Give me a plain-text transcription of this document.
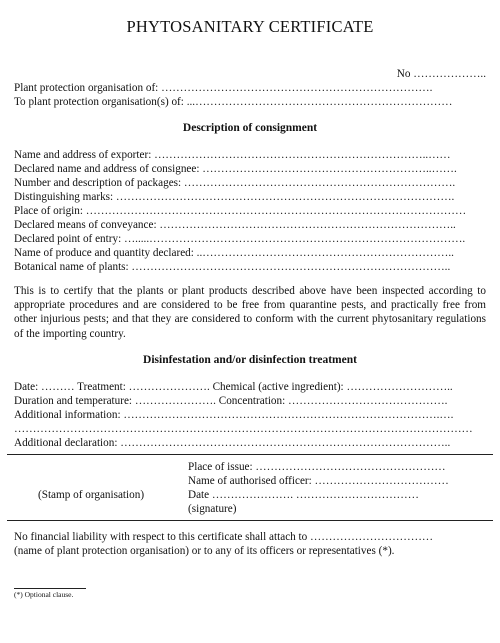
PHYTOSANITARY CERTIFICATE
No ………………..
Plant protection organisation of: ……………………………………………………………….
To plant protection organisation(s) of: ...……………………………………………………………
Description of consignment
Name and address of exporter: ………………………………………………………………..……
Declared name and address of consignee: ……………………………………………………..…….
Number and description of packages: ……………………………………………………………….
Distinguishing marks: ……………………………………………………………………………….
Place of origin: …………………………………………………………………………………………
Declared means of conveyance: ……………………………………………………………………..
Declared point of entry: ….....………………………………………………………………………….
Name of produce and quantity declared: ..…………………………………………………………..
Botanical name of plants: …………………………………………………………………………..
This is to certify that the plants or plant products described above have been inspected according to appropriate procedures and are considered to be free from quarantine pests, and practically free from other injurious pests; and that they are considered to conform with the current phytosanitary regulations of the importing country.
Disinfestation and/or disinfection treatment
Date: ……… Treatment: …………………. Chemical (active ingredient): ………………………..
Duration and temperature: …………………. Concentration: …………………………………….
Additional information: ………………………………………………………………………….….
……………………………………………………………………………………………………………
Additional declaration: ……………………………………………………………………………..
(Stamp of organisation)
Place of issue: ……………………………………………
Name of authorised officer: ………………………………
Date …………………. ……………………………
(signature)
No financial liability with respect to this certificate shall attach to ……………………………
(name of plant protection organisation) or to any of its officers or representatives (*).
(*) Optional clause.
